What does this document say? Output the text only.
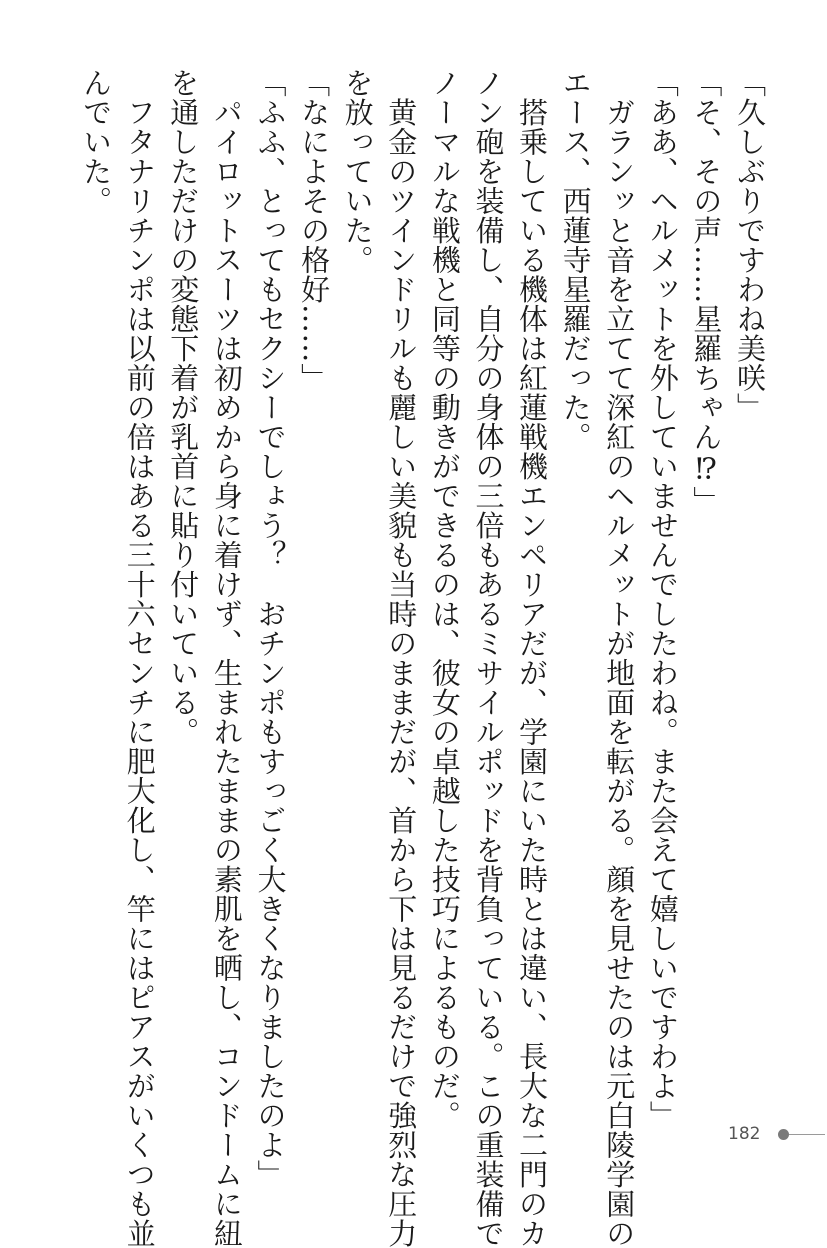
「久しぶりですわね美咲」
「そ、その声……星羅ちゃん⁉」
「ああ、ヘルメットを外していませんでしたわね。また会えて嬉しいですわよ」
　ガランッと音を立てて深紅のヘルメットが地面を転がる。顔を見せたのは元白陵学園の
エース、西蓮寺星羅だった。
　搭乗している機体は紅蓮戦機エンペリアだが、学園にいた時とは違い、長大な二門のカ
ノン砲を装備し、自分の身体の三倍もあるミサイルポッドを背負っている。この重装備で
ノーマルな戦機と同等の動きができるのは、彼女の卓越した技巧によるものだ。
　黄金のツインドリルも麗しい美貌も当時のままだが、首から下は見るだけで強烈な圧力
を放っていた。
「なによその格好……」
「ふふ、とってもセクシーでしょう？　おチンポもすっごく大きくなりましたのよ」
　パイロットスーツは初めから身に着けず、生まれたままの素肌を晒し、コンドームに紐
を通しただけの変態下着が乳首に貼り付いている。
　フタナリチンポは以前の倍はある三十六センチに肥大化し、竿にはピアスがいくつも並
んでいた。
182
